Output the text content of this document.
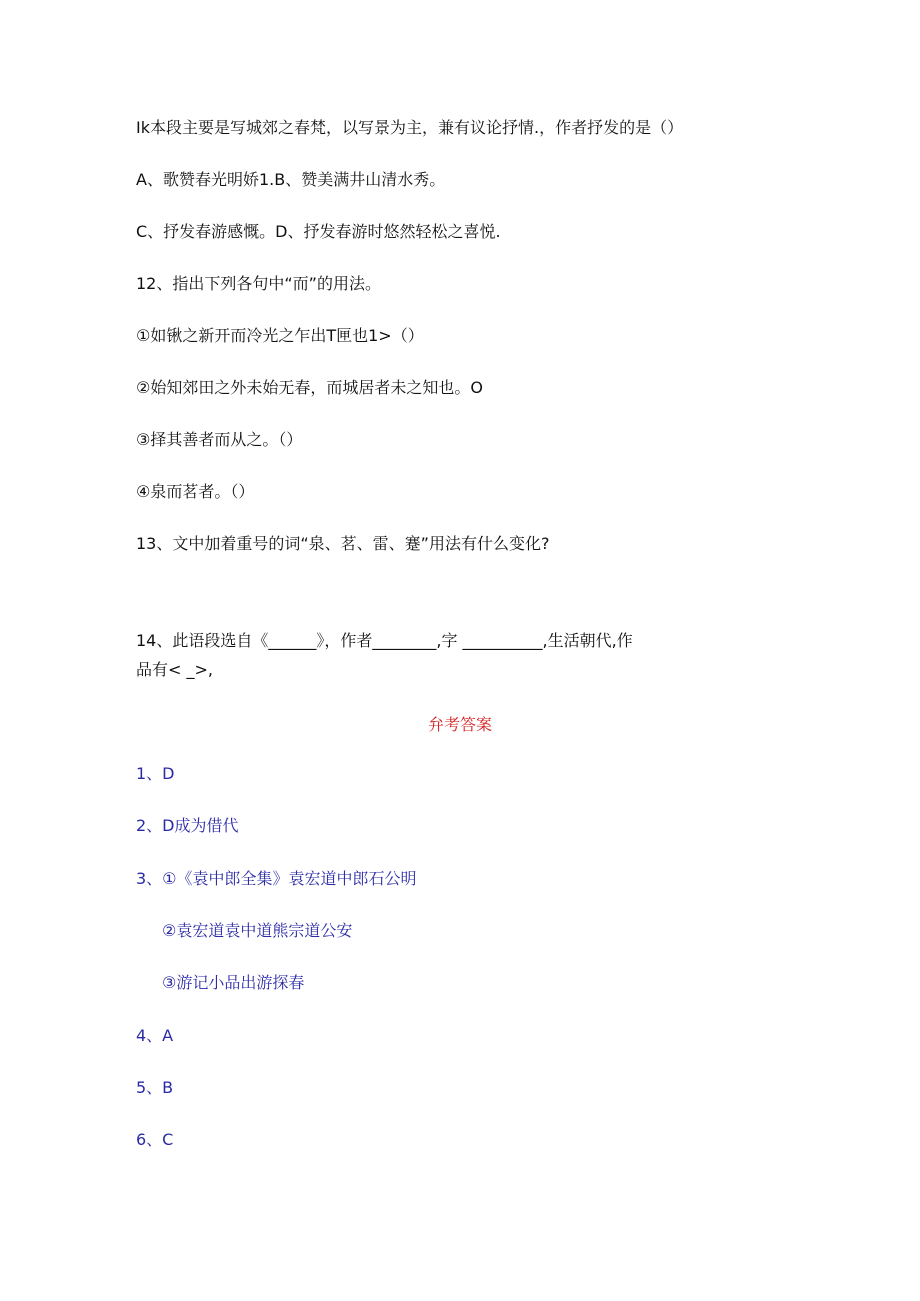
Ik本段主要是写城郊之春梵，以写景为主，兼有议论抒情.，作者抒发的是（）
A、歌赞春光明娇1.B、赞美满井山清水秀。
C、抒发春游感慨。D、抒发春游时悠然轻松之喜悦.
12、指出下列各句中“而”的用法。
①如锹之新开而冷光之乍出T匣也1>（）
②始知郊田之外未始无春，而城居者未之知也。O
③择其善者而从之。（）
④泉而茗者。（）
13、文中加着重号的词“泉、茗、雷、蹇”用法有什么变化?
14、此语段选自《______》，作者________,字 __________,生活朝代,作
品有< _>,
弁考答案
1、D
2、D成为借代
3、①《袁中郎全集》袁宏道中郎石公明
②袁宏道袁中道熊宗道公安
③游记小品出游探春
4、A
5、B
6、C
